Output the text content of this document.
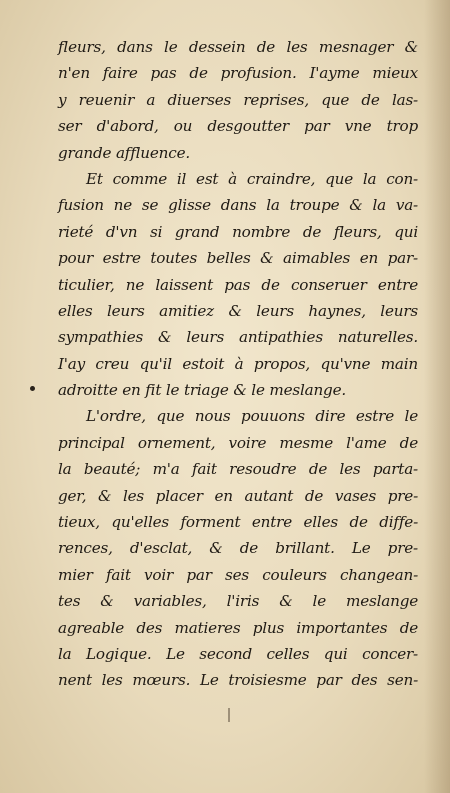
fleurs, dans le dessein de les mesnager &
n'en faire pas de profusion. I'ayme mieux
y reuenir a diuerses reprises, que de las-
ser d'abord, ou desgoutter par vne trop
grande affluence.
Et comme il est à craindre, que la con-
fusion ne se glisse dans la troupe & la va-
rieté d'vn si grand nombre de fleurs, qui
pour estre toutes belles & aimables en par-
ticulier, ne laissent pas de conseruer entre
elles leurs amitiez & leurs haynes, leurs
sympathies & leurs antipathies naturelles.
I'ay creu qu'il estoit à propos, qu'vne main
adroitte en fit le triage & le meslange.
L'ordre, que nous pouuons dire estre le
principal ornement, voire mesme l'ame de
la beauté; m'a fait resoudre de les parta-
ger, & les placer en autant de vases pre-
tieux, qu'elles forment entre elles de diffe-
rences, d'esclat, & de brillant. Le pre-
mier fait voir par ses couleurs changean-
tes & variables, l'iris & le meslange
agreable des matieres plus importantes de
la Logique. Le second celles qui concer-
nent les mœurs. Le troisiesme par des sen-
